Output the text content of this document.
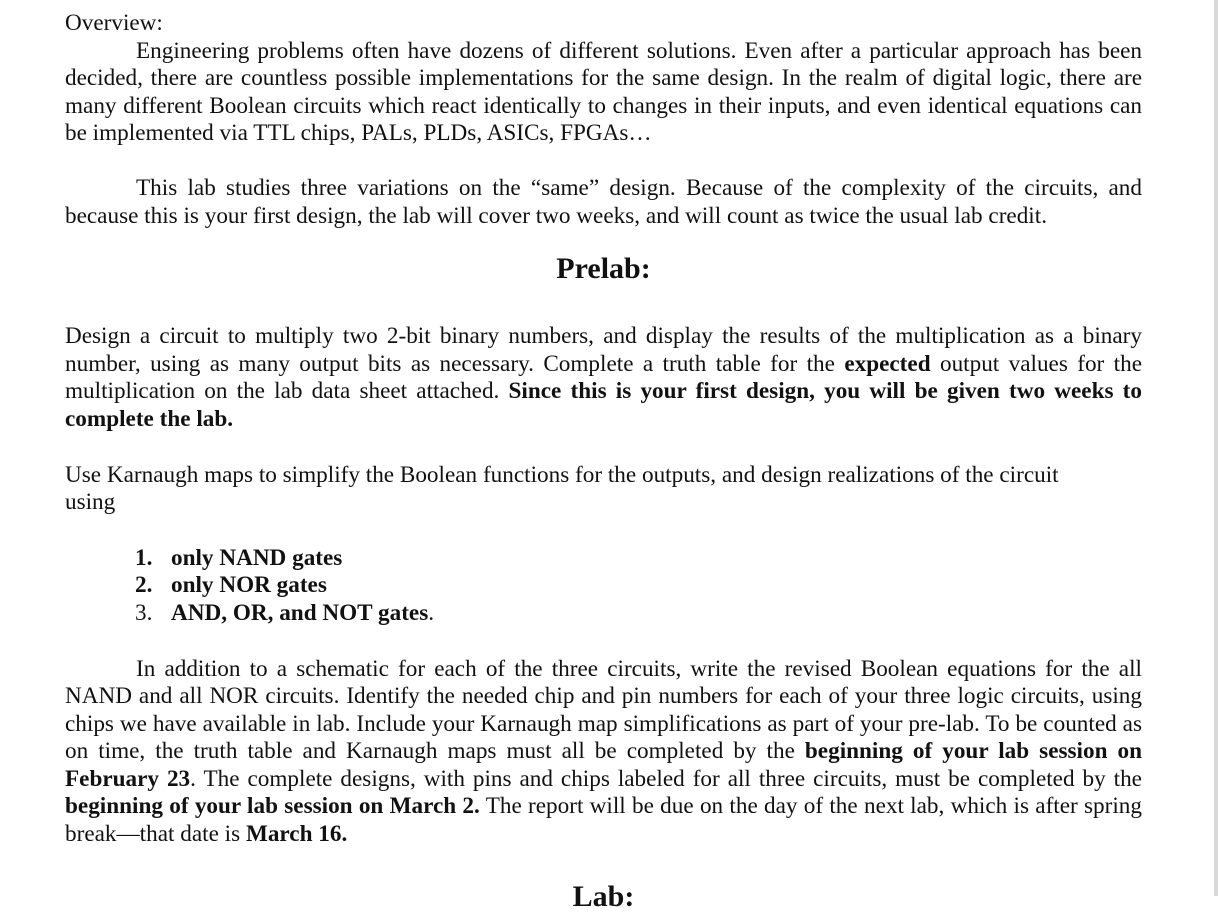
Overview:

Engineering problems often have dozens of different solutions. Even after a particular approach has been decided, there are countless possible implementations for the same design. In the realm of digital logic, there are many different Boolean circuits which react identically to changes in their inputs, and even identical equations can be implemented via TTL chips, PALs, PLDs, ASICs, FPGAs…

This lab studies three variations on the “same” design. Because of the complexity of the circuits, and because this is your first design, the lab will cover two weeks, and will count as twice the usual lab credit.

Prelab:

Design a circuit to multiply two 2-bit binary numbers, and display the results of the multiplication as a binary number, using as many output bits as necessary. Complete a truth table for the expected output values for the multiplication on the lab data sheet attached. Since this is your first design, you will be given two weeks to complete the lab.

Use Karnaugh maps to simplify the Boolean functions for the outputs, and design realizations of the circuit using

1. only NAND gates
2. only NOR gates
3. AND, OR, and NOT gates.

In addition to a schematic for each of the three circuits, write the revised Boolean equations for the all NAND and all NOR circuits. Identify the needed chip and pin numbers for each of your three logic circuits, using chips we have available in lab. Include your Karnaugh map simplifications as part of your pre-lab. To be counted as on time, the truth table and Karnaugh maps must all be completed by the beginning of your lab session on February 23. The complete designs, with pins and chips labeled for all three circuits, must be completed by the beginning of your lab session on March 2. The report will be due on the day of the next lab, which is after spring break—that date is March 16.

Lab:
